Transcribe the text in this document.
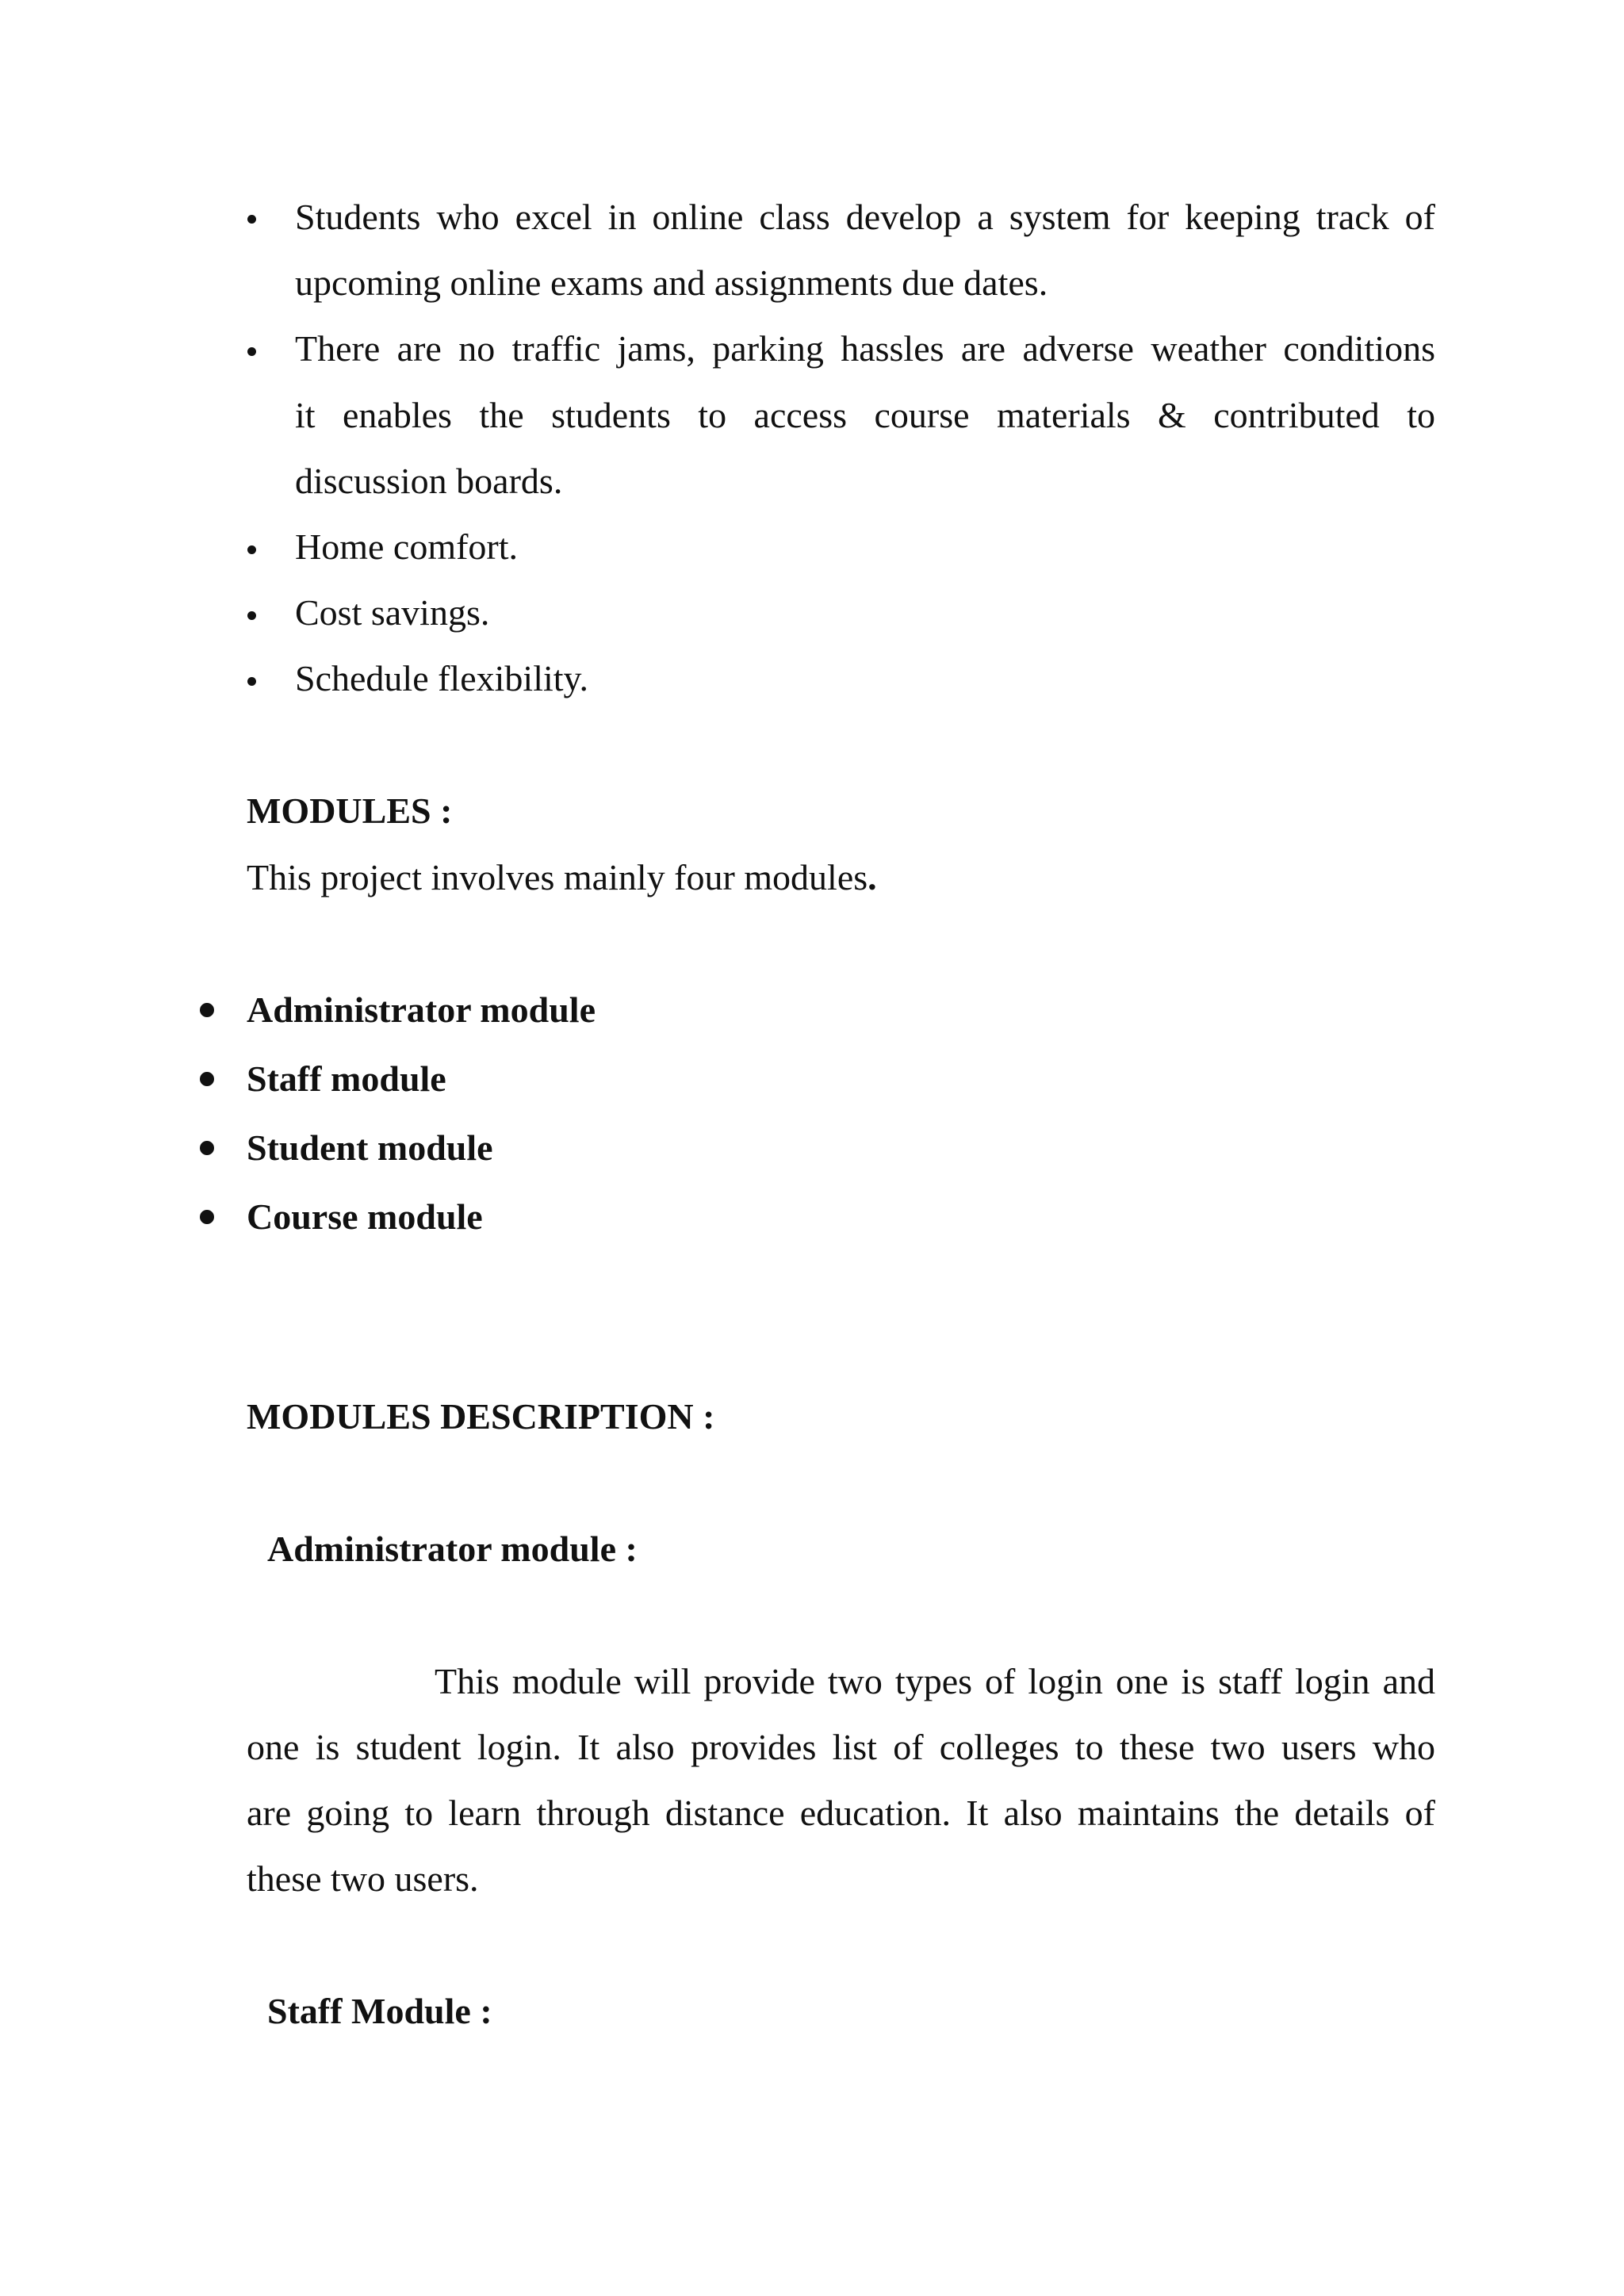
Students who excel in online class develop a system for keeping track of
upcoming online exams and assignments due dates.
There are no traffic jams, parking hassles are adverse weather conditions
it enables the students to access course materials & contributed to
discussion boards.
Home comfort.
Cost savings.
Schedule flexibility.
MODULES :
This project involves mainly four modules.
Administrator module
Staff module
Student module
Course module
MODULES DESCRIPTION :
Administrator module :
This module will provide two types of login one is staff login and
one is student login. It also provides list of colleges to these two users who
are going to learn through distance education. It also maintains the details of
these two users.
Staff Module :
